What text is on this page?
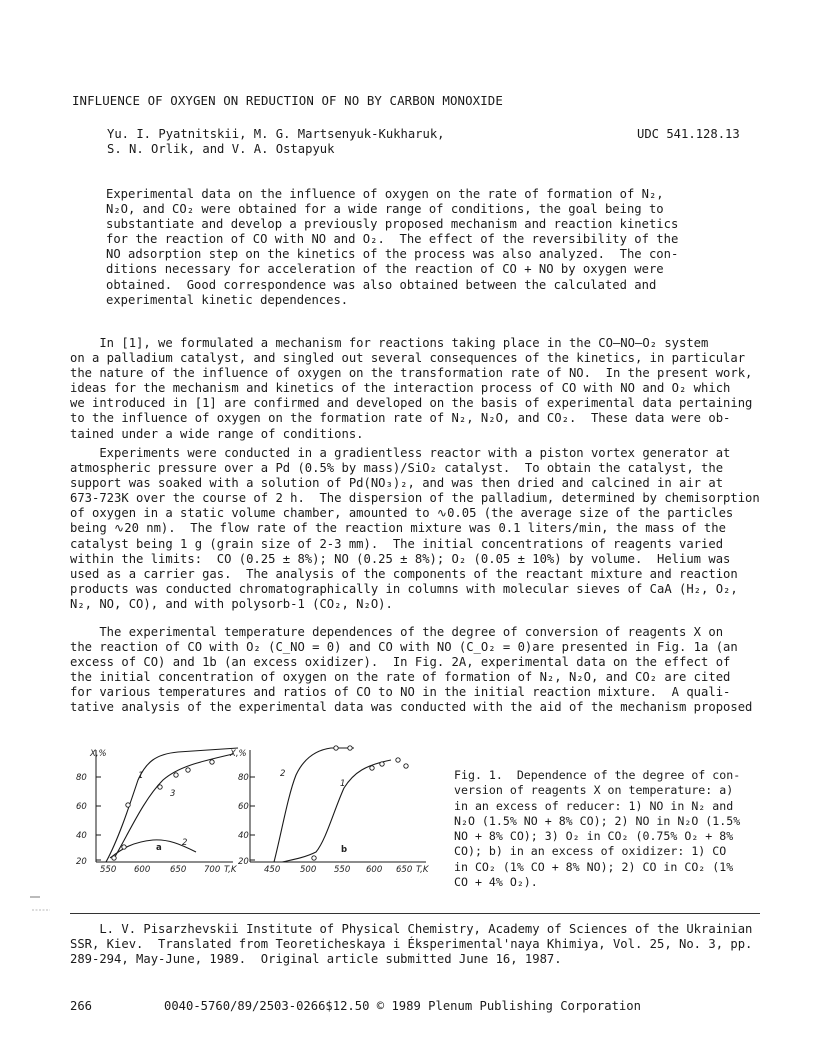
INFLUENCE OF OXYGEN ON REDUCTION OF NO BY CARBON MONOXIDE
Yu. I. Pyatnitskii, M. G. Martsenyuk-Kukharuk,
S. N. Orlik, and V. A. Ostapyuk
UDC 541.128.13
Experimental data on the influence of oxygen on the rate of formation of N₂,
N₂O, and CO₂ were obtained for a wide range of conditions, the goal being to
substantiate and develop a previously proposed mechanism and reaction kinetics
for the reaction of CO with NO and O₂.  The effect of the reversibility of the
NO adsorption step on the kinetics of the process was also analyzed.  The con-
ditions necessary for acceleration of the reaction of CO + NO by oxygen were
obtained.  Good correspondence was also obtained between the calculated and
experimental kinetic dependences.
In [1], we formulated a mechanism for reactions taking place in the CO—NO—O₂ system
on a palladium catalyst, and singled out several consequences of the kinetics, in particular
the nature of the influence of oxygen on the transformation rate of NO.  In the present work,
ideas for the mechanism and kinetics of the interaction process of CO with NO and O₂ which
we introduced in [1] are confirmed and developed on the basis of experimental data pertaining
to the influence of oxygen on the formation rate of N₂, N₂O, and CO₂.  These data were ob-
tained under a wide range of conditions.
Experiments were conducted in a gradientless reactor with a piston vortex generator at
atmospheric pressure over a Pd (0.5% by mass)/SiO₂ catalyst.  To obtain the catalyst, the
support was soaked with a solution of Pd(NO₃)₂, and was then dried and calcined in air at
673-723K over the course of 2 h.  The dispersion of the palladium, determined by chemisorption
of oxygen in a static volume chamber, amounted to ∿0.05 (the average size of the particles
being ∿20 nm).  The flow rate of the reaction mixture was 0.1 liters/min, the mass of the
catalyst being 1 g (grain size of 2-3 mm).  The initial concentrations of reagents varied
within the limits:  CO (0.25 ± 8%); NO (0.25 ± 8%); O₂ (0.05 ± 10%) by volume.  Helium was
used as a carrier gas.  The analysis of the components of the reactant mixture and reaction
products was conducted chromatographically in columns with molecular sieves of CaA (H₂, O₂,
N₂, NO, CO), and with polysorb-1 (CO₂, N₂O).
The experimental temperature dependences of the degree of conversion of reagents X on
the reaction of CO with O₂ (C_NO = 0) and CO with NO (C_O₂ = 0)are presented in Fig. 1a (an
excess of CO) and 1b (an excess oxidizer).  In Fig. 2A, experimental data on the effect of
the initial concentration of oxygen on the rate of formation of N₂, N₂O, and CO₂ are cited
for various temperatures and ratios of CO to NO in the initial reaction mixture.  A quali-
tative analysis of the experimental data was conducted with the aid of the mechanism proposed
X,%
80
60
40
20
550 600 650 700 T,K
1
2
3
a
X,%
80
60
40
20
450 500 550 600 650 T,K
2
1
b
Fig. 1.  Dependence of the degree of con-
version of reagents X on temperature: a)
in an excess of reducer: 1) NO in N₂ and
N₂O (1.5% NO + 8% CO); 2) NO in N₂O (1.5%
NO + 8% CO); 3) O₂ in CO₂ (0.75% O₂ + 8%
CO); b) in an excess of oxidizer: 1) CO
in CO₂ (1% CO + 8% NO); 2) CO in CO₂ (1%
CO + 4% O₂).
L. V. Pisarzhevskii Institute of Physical Chemistry, Academy of Sciences of the Ukrainian
SSR, Kiev.  Translated from Teoreticheskaya i Éksperimental'naya Khimiya, Vol. 25, No. 3, pp.
289-294, May-June, 1989.  Original article submitted June 16, 1987.
266	0040-5760/89/2503-0266$12.50 © 1989 Plenum Publishing Corporation
